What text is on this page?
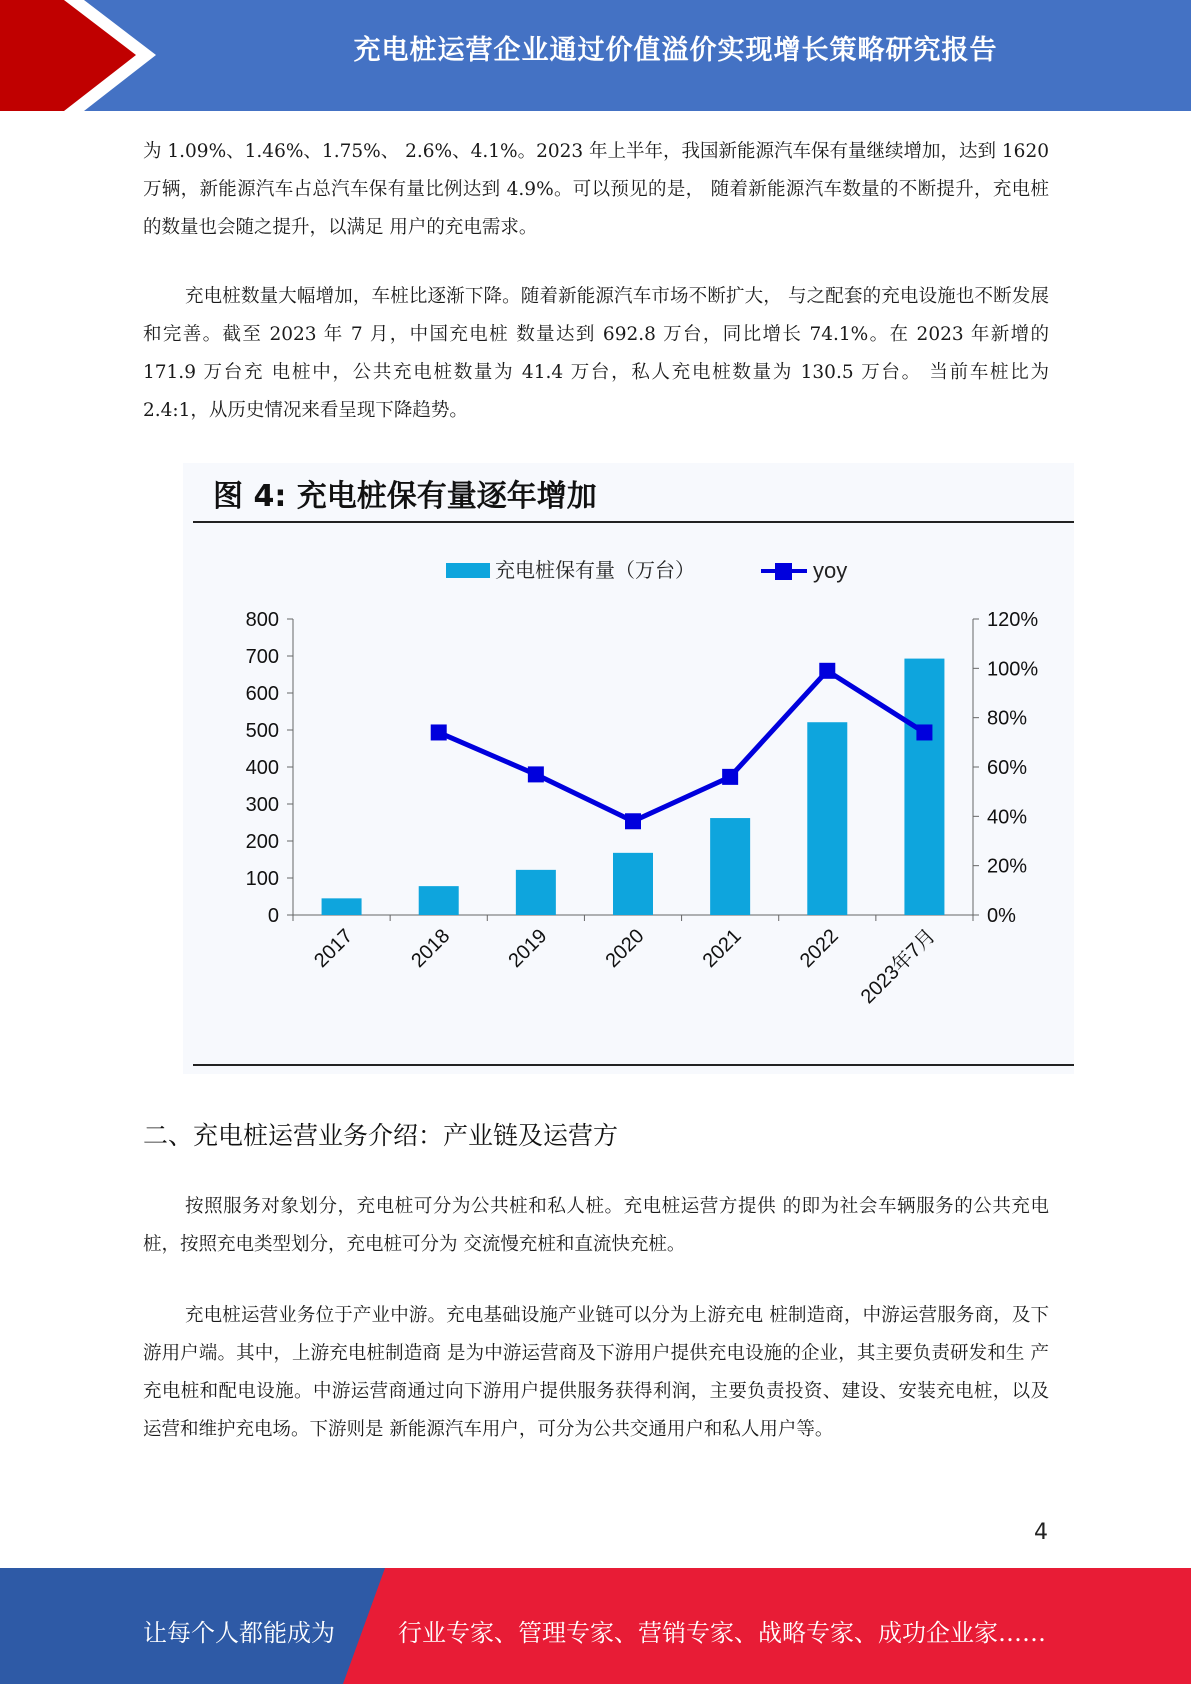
充电桩运营企业通过价值溢价实现增长策略研究报告

为 1.09%、1.46%、1.75%、 2.6%、4.1%。2023 年上半年，我国新能源汽车保有量继续增加，达到 1620 万辆，新能源汽车占总汽车保有量比例达到 4.9%。可以预见的是， 随着新能源汽车数量的不断提升，充电桩的数量也会随之提升，以满足 用户的充电需求。

充电桩数量大幅增加，车桩比逐渐下降。随着新能源汽车市场不断扩大， 与之配套的充电设施也不断发展和完善。截至 2023 年 7 月，中国充电桩 数量达到 692.8 万台，同比增长 74.1%。在 2023 年新增的 171.9 万台充 电桩中，公共充电桩数量为 41.4 万台，私人充电桩数量为 130.5 万台。 当前车桩比为 2.4:1，从历史情况来看呈现下降趋势。

图 4: 充电桩保有量逐年增加
充电桩保有量（万台）	yoy
0
100
200
300
400
500
600
700
800
0%
20%
40%
60%
80%
100%
120%
2017	2018	2019	2020	2021	2022 2023年7月
二、充电桩运营业务介绍：产业链及运营方

按照服务对象划分，充电桩可分为公共桩和私人桩。充电桩运营方提供 的即为社会车辆服务的公共充电桩，按照充电类型划分，充电桩可分为 交流慢充桩和直流快充桩。

充电桩运营业务位于产业中游。充电基础设施产业链可以分为上游充电 桩制造商，中游运营服务商，及下游用户端。其中，上游充电桩制造商 是为中游运营商及下游用户提供充电设施的企业，其主要负责研发和生 产充电桩和配电设施。中游运营商通过向下游用户提供服务获得利润，主要负责投资、建设、安装充电桩，以及运营和维护充电场。下游则是 新能源汽车用户，可分为公共交通用户和私人用户等。

4
让每个人都能成为	行业专家、管理专家、营销专家、战略专家、成功企业家……
